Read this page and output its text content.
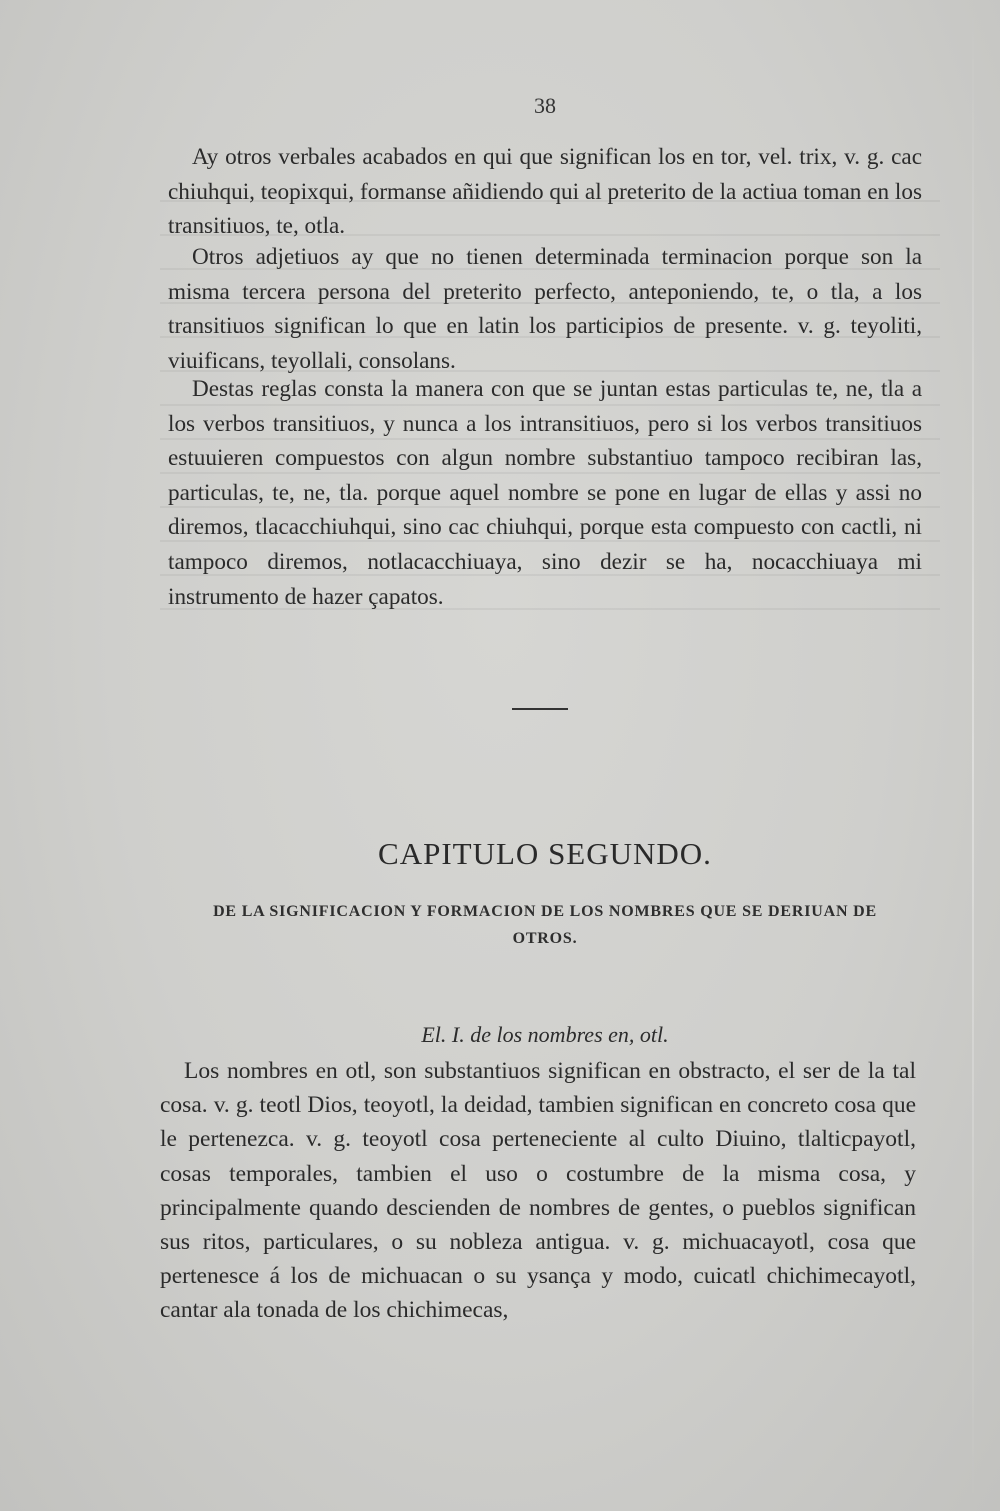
38

Ay otros verbales acabados en qui que significan los en tor, vel. trix, v. g. cac chiuhqui, teopixqui, formanse añidiendo qui al preterito de la actiua toman en los transitiuos, te, otla.

Otros adjetiuos ay que no tienen determinada terminacion porque son la misma tercera persona del preterito perfecto, anteponiendo, te, o tla, a los transitiuos significan lo que en latin los participios de presente. v. g. teyoliti, viuificans, teyollali, consolans.

Destas reglas consta la manera con que se juntan estas particulas te, ne, tla a los verbos transitiuos, y nunca a los intransitiuos, pero si los verbos transitiuos estuuieren compuestos con algun nombre substantiuo tampoco recibiran las, particulas, te, ne, tla. porque aquel nombre se pone en lugar de ellas y assi no diremos, tlacacchiuhqui, sino cac chiuhqui, porque esta compuesto con cactli, ni tampoco diremos, notlacacchiuaya, sino dezir se ha, nocacchiuaya mi instrumento de hazer çapatos.

CAPITULO SEGUNDO.
DE LA SIGNIFICACION Y FORMACION DE LOS NOMBRES QUE SE DERIUAN DE OTROS.
El. I. de los nombres en, otl.

Los nombres en otl, son substantiuos significan en obstracto, el ser de la tal cosa. v. g. teotl Dios, teoyotl, la deidad, tambien significan en concreto cosa que le pertenezca. v. g. teoyotl cosa perteneciente al culto Diuino, tlalticpayotl, cosas temporales, tambien el uso o costumbre de la misma cosa, y principalmente quando descienden de nombres de gentes, o pueblos significan sus ritos, particulares, o su nobleza antigua. v. g. michuacayotl, cosa que pertenesce á los de michuacan o su ysança y modo, cuicatl chichimecayotl, cantar ala tonada de los chichimecas,
